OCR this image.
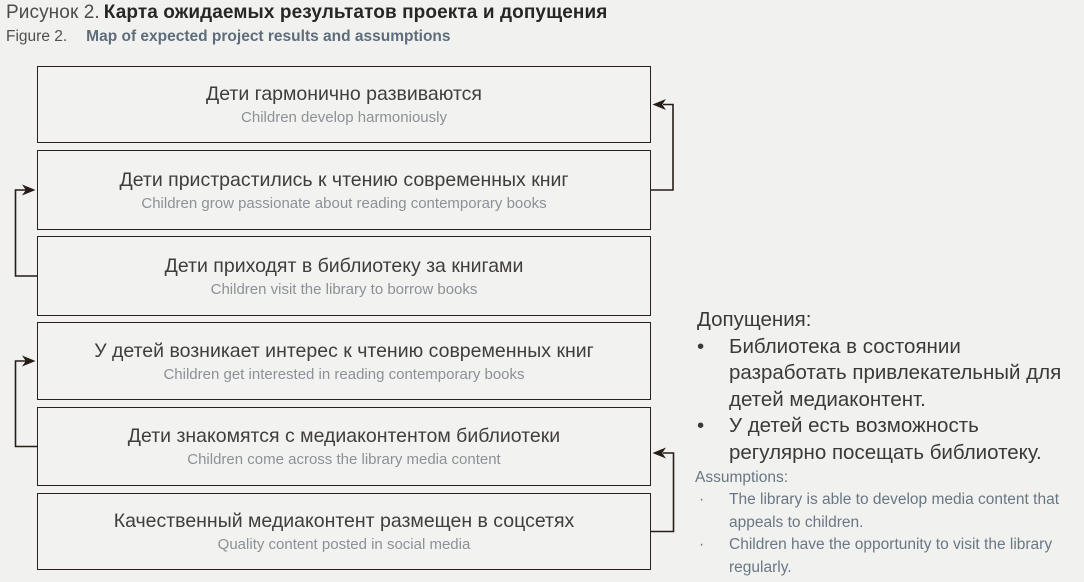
Рисунок 2. Карта ожидаемых результатов проекта и допущения
Figure 2. Map of expected project results and assumptions
Дети гармонично развиваются
Children develop harmoniously
Дети пристрастились к чтению современных книг
Children grow passionate about reading contemporary books
Дети приходят в библиотеку за книгами
Children visit the library to borrow books
У детей возникает интерес к чтению современных книг
Children get interested in reading contemporary books
Дети знакомятся с медиаконтентом библиотеки
Children come across the library media content
Качественный медиаконтент размещен в соцсетях
Quality content posted in social media
Допущения:
•	Библиотека в состоянии разработать привлекательный для детей медиаконтент.
•	У детей есть возможность регулярно посещать библиотеку.
Assumptions:
·	The library is able to develop media content that appeals to children.
·	Children have the opportunity to visit the library regularly.
